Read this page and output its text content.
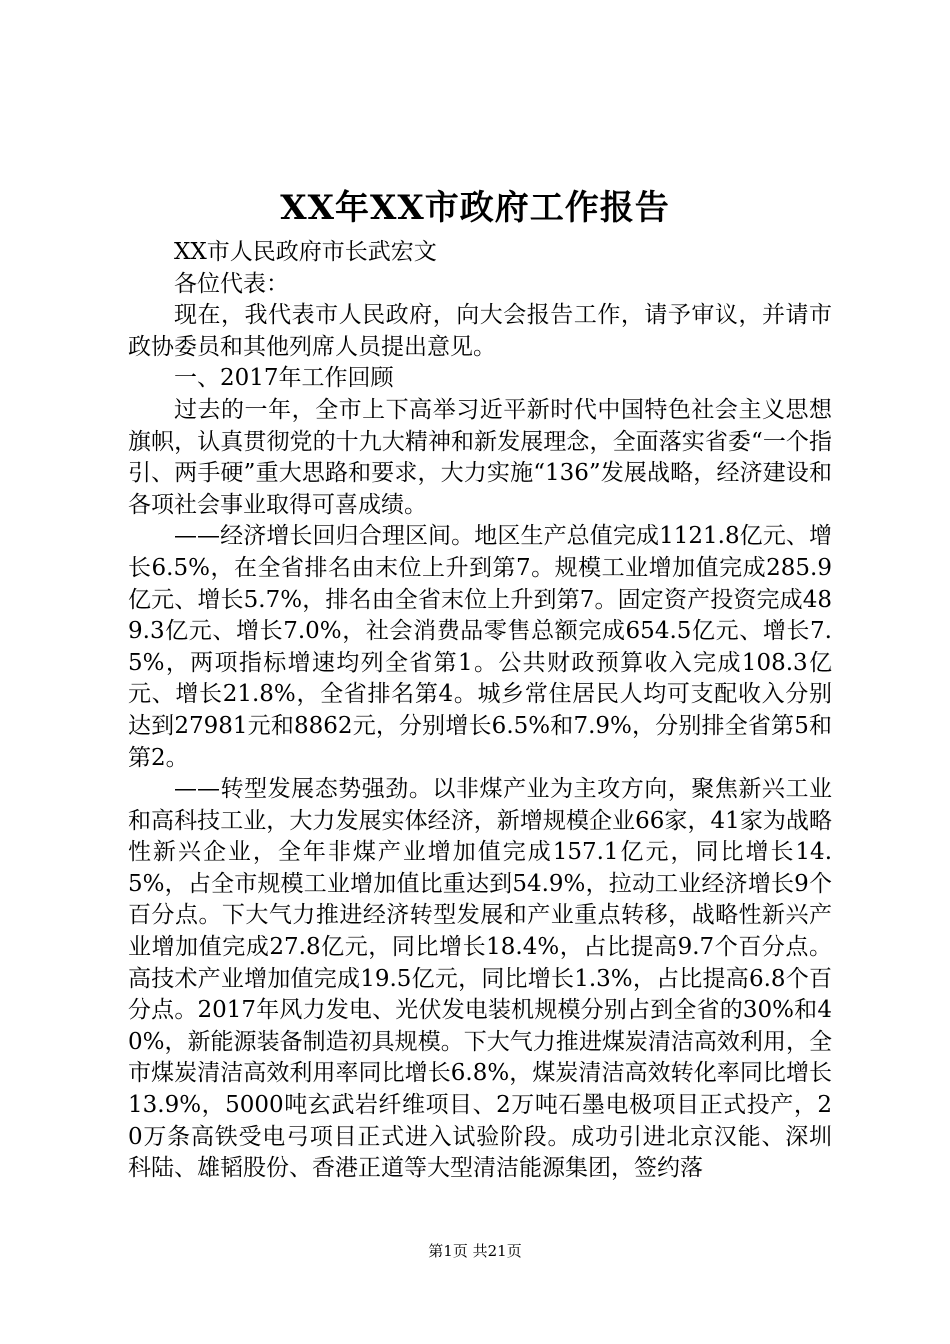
XX年XX市政府工作报告

XX市人民政府市长武宏文

各位代表：

现在，我代表市人民政府，向大会报告工作，请予审议，并请市政协委员和其他列席人员提出意见。

一、2017年工作回顾

过去的一年，全市上下高举习近平新时代中国特色社会主义思想旗帜，认真贯彻党的十九大精神和新发展理念，全面落实省委“一个指引、两手硬”重大思路和要求，大力实施“136”发展战略，经济建设和各项社会事业取得可喜成绩。

——经济增长回归合理区间。地区生产总值完成1121.8亿元、增长6.5%，在全省排名由末位上升到第7。规模工业增加值完成285.9亿元、增长5.7%，排名由全省末位上升到第7。固定资产投资完成489.3亿元、增长7.0%，社会消费品零售总额完成654.5亿元、增长7.5%，两项指标增速均列全省第1。公共财政预算收入完成108.3亿元、增长21.8%，全省排名第4。城乡常住居民人均可支配收入分别达到27981元和8862元，分别增长6.5%和7.9%，分别排全省第5和第2。

——转型发展态势强劲。以非煤产业为主攻方向，聚焦新兴工业和高科技工业，大力发展实体经济，新增规模企业66家，41家为战略性新兴企业，全年非煤产业增加值完成157.1亿元，同比增长14.5%，占全市规模工业增加值比重达到54.9%，拉动工业经济增长9个百分点。下大气力推进经济转型发展和产业重点转移，战略性新兴产业增加值完成27.8亿元，同比增长18.4%，占比提高9.7个百分点。高技术产业增加值完成19.5亿元，同比增长1.3%，占比提高6.8个百分点。2017年风力发电、光伏发电装机规模分别占到全省的30%和40%，新能源装备制造初具规模。下大气力推进煤炭清洁高效利用，全市煤炭清洁高效利用率同比增长6.8%，煤炭清洁高效转化率同比增长13.9%，5000吨玄武岩纤维项目、2万吨石墨电极项目正式投产，20万条高铁受电弓项目正式进入试验阶段。成功引进北京汉能、深圳科陆、雄韬股份、香港正道等大型清洁能源集团，签约落

第1页 共21页
